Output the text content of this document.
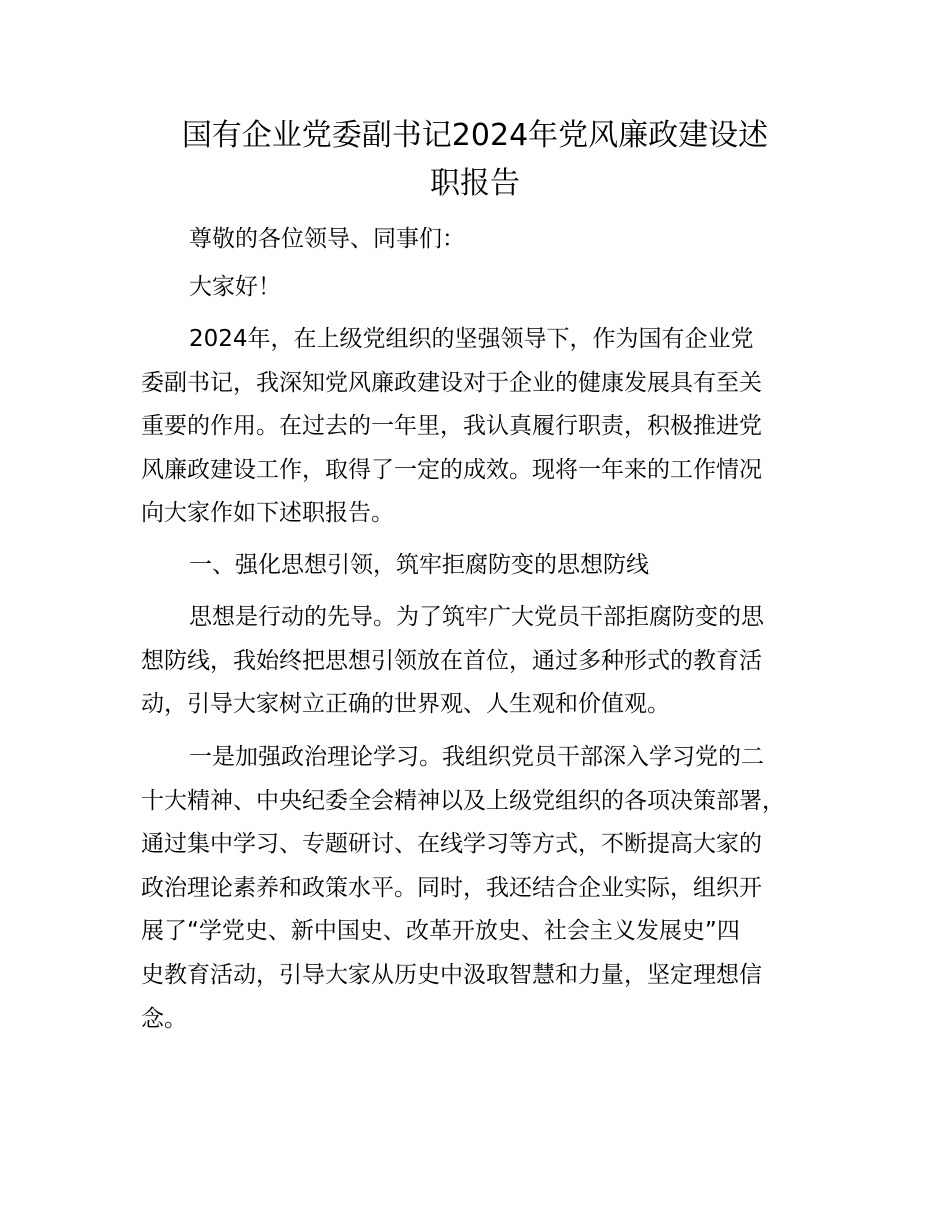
国有企业党委副书记2024年党风廉政建设述
职报告

尊敬的各位领导、同事们：

大家好！

2024年，在上级党组织的坚强领导下，作为国有企业党
委副书记，我深知党风廉政建设对于企业的健康发展具有至关
重要的作用。在过去的一年里，我认真履行职责，积极推进党
风廉政建设工作，取得了一定的成效。现将一年来的工作情况
向大家作如下述职报告。

一、强化思想引领，筑牢拒腐防变的思想防线

思想是行动的先导。为了筑牢广大党员干部拒腐防变的思
想防线，我始终把思想引领放在首位，通过多种形式的教育活
动，引导大家树立正确的世界观、人生观和价值观。

一是加强政治理论学习。我组织党员干部深入学习党的二
十大精神、中央纪委全会精神以及上级党组织的各项决策部署，
通过集中学习、专题研讨、在线学习等方式，不断提高大家的
政治理论素养和政策水平。同时，我还结合企业实际，组织开
展了“学党史、新中国史、改革开放史、社会主义发展史”四
史教育活动，引导大家从历史中汲取智慧和力量，坚定理想信
念。
